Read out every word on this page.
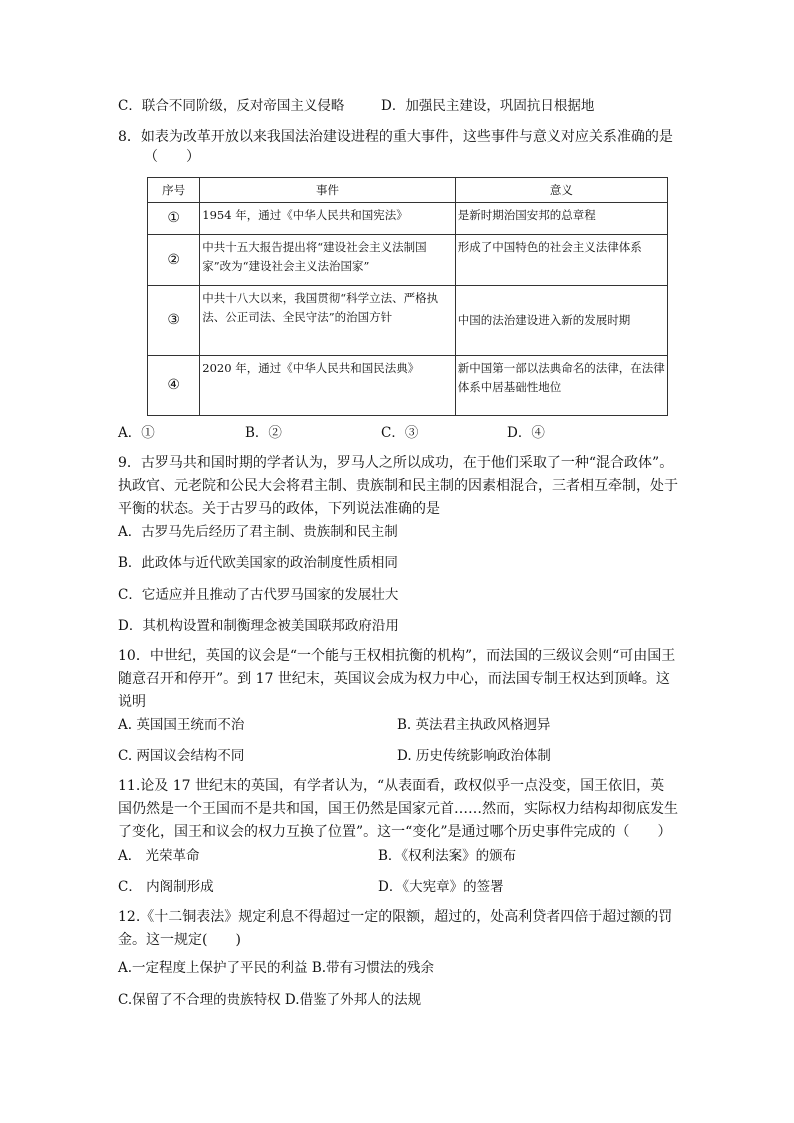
C．联合不同阶级，反对帝国主义侵略	D．加强民主建设，巩固抗日根据地
8．如表为改革开放以来我国法治建设进程的重大事件，这些事件与意义对应关系准确的是
（　　）
序号	事件	意义
①	1954 年，通过《中华人民共和国宪法》	是新时期治国安邦的总章程
②	中共十五大报告提出将“建设社会主义法制国家”改为“建设社会主义法治国家”	形成了中国特色的社会主义法律体系
③	中共十八大以来，我国贯彻“科学立法、严格执法、公正司法、全民守法”的治国方针	中国的法治建设进入新的发展时期
④	2020 年，通过《中华人民共和国民法典》	新中国第一部以法典命名的法律，在法律体系中居基础性地位
A．①	B．②	C．③	D．④
9．古罗马共和国时期的学者认为，罗马人之所以成功，在于他们采取了一种“混合政体”。执政官、元老院和公民大会将君主制、贵族制和民主制的因素相混合，三者相互牵制，处于平衡的状态。关于古罗马的政体，下列说法准确的是
A．古罗马先后经历了君主制、贵族制和民主制
B．此政体与近代欧美国家的政治制度性质相同
C．它适应并且推动了古代罗马国家的发展壮大
D．其机构设置和制衡理念被美国联邦政府沿用
10．中世纪，英国的议会是“一个能与王权相抗衡的机构”，而法国的三级议会则“可由国王随意召开和停开”。到 17 世纪末，英国议会成为权力中心，而法国专制王权达到顶峰。这说明
A. 英国国王统而不治	B. 英法君主执政风格迥异
C. 两国议会结构不同	D. 历史传统影响政治体制
11.论及 17 世纪末的英国，有学者认为，“从表面看，政权似乎一点没变，国王依旧，英国仍然是一个王国而不是共和国，国王仍然是国家元首……然而，实际权力结构却彻底发生了变化，国王和议会的权力互换了位置”。这一“变化”是通过哪个历史事件完成的（　　）
A． 光荣革命	B．《权利法案》的颁布
C． 内阁制形成	D．《大宪章》的签署
12.《十二铜表法》规定利息不得超过一定的限额，超过的，处高利贷者四倍于超过额的罚金。这一规定(　　)
A.一定程度上保护了平民的利益 B.带有习惯法的残余
C.保留了不合理的贵族特权 D.借鉴了外邦人的法规
